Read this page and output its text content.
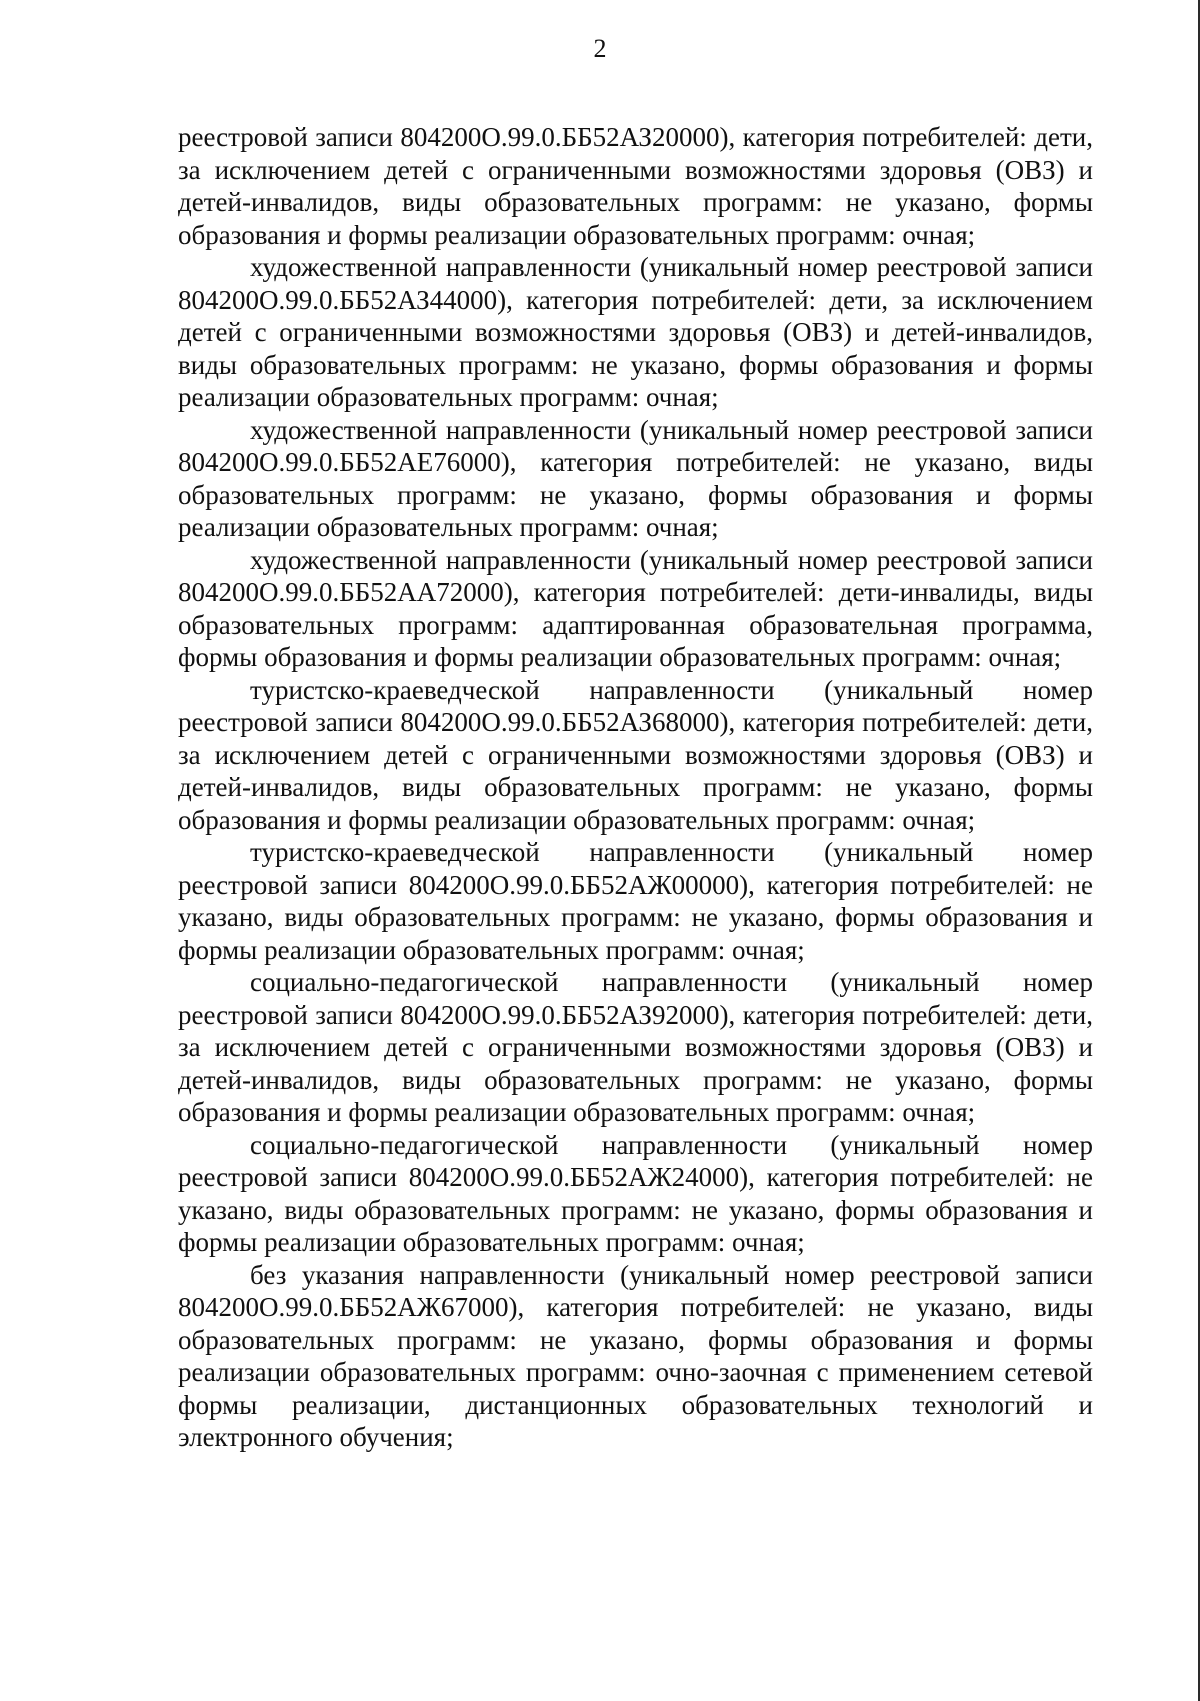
2

реестровой записи 804200О.99.0.ББ52АЗ20000), категория потребителей: дети, за исключением детей с ограниченными возможностями здоровья (ОВЗ) и детей-инвалидов, виды образовательных программ: не указано, формы образования и формы реализации образовательных программ: очная;

художественной направленности (уникальный номер реестровой записи 804200О.99.0.ББ52АЗ44000), категория потребителей: дети, за исключением детей с ограниченными возможностями здоровья (ОВЗ) и детей-инвалидов, виды образовательных программ: не указано, формы образования и формы реализации образовательных программ: очная;

художественной направленности (уникальный номер реестровой записи 804200О.99.0.ББ52АЕ76000), категория потребителей: не указано, виды образовательных программ: не указано, формы образования и формы реализации образовательных программ: очная;

художественной направленности (уникальный номер реестровой записи 804200О.99.0.ББ52АА72000), категория потребителей: дети-инвалиды, виды образовательных программ: адаптированная образовательная программа, формы образования и формы реализации образовательных программ: очная;

туристско-краеведческой направленности (уникальный номер реестровой записи 804200О.99.0.ББ52АЗ68000), категория потребителей: дети, за исключением детей с ограниченными возможностями здоровья (ОВЗ) и детей-инвалидов, виды образовательных программ: не указано, формы образования и формы реализации образовательных программ: очная;

туристско-краеведческой направленности (уникальный номер реестровой записи 804200О.99.0.ББ52АЖ00000), категория потребителей: не указано, виды образовательных программ: не указано, формы образования и формы реализации образовательных программ: очная;

социально-педагогической направленности (уникальный номер реестровой записи 804200О.99.0.ББ52АЗ92000), категория потребителей: дети, за исключением детей с ограниченными возможностями здоровья (ОВЗ) и детей-инвалидов, виды образовательных программ: не указано, формы образования и формы реализации образовательных программ: очная;

социально-педагогической направленности (уникальный номер реестровой записи 804200О.99.0.ББ52АЖ24000), категория потребителей: не указано, виды образовательных программ: не указано, формы образования и формы реализации образовательных программ: очная;

без указания направленности (уникальный номер реестровой записи 804200О.99.0.ББ52АЖ67000), категория потребителей: не указано, виды образовательных программ: не указано, формы образования и формы реализации образовательных программ: очно-заочная с применением сетевой формы реализации, дистанционных образовательных технологий и электронного обучения;
